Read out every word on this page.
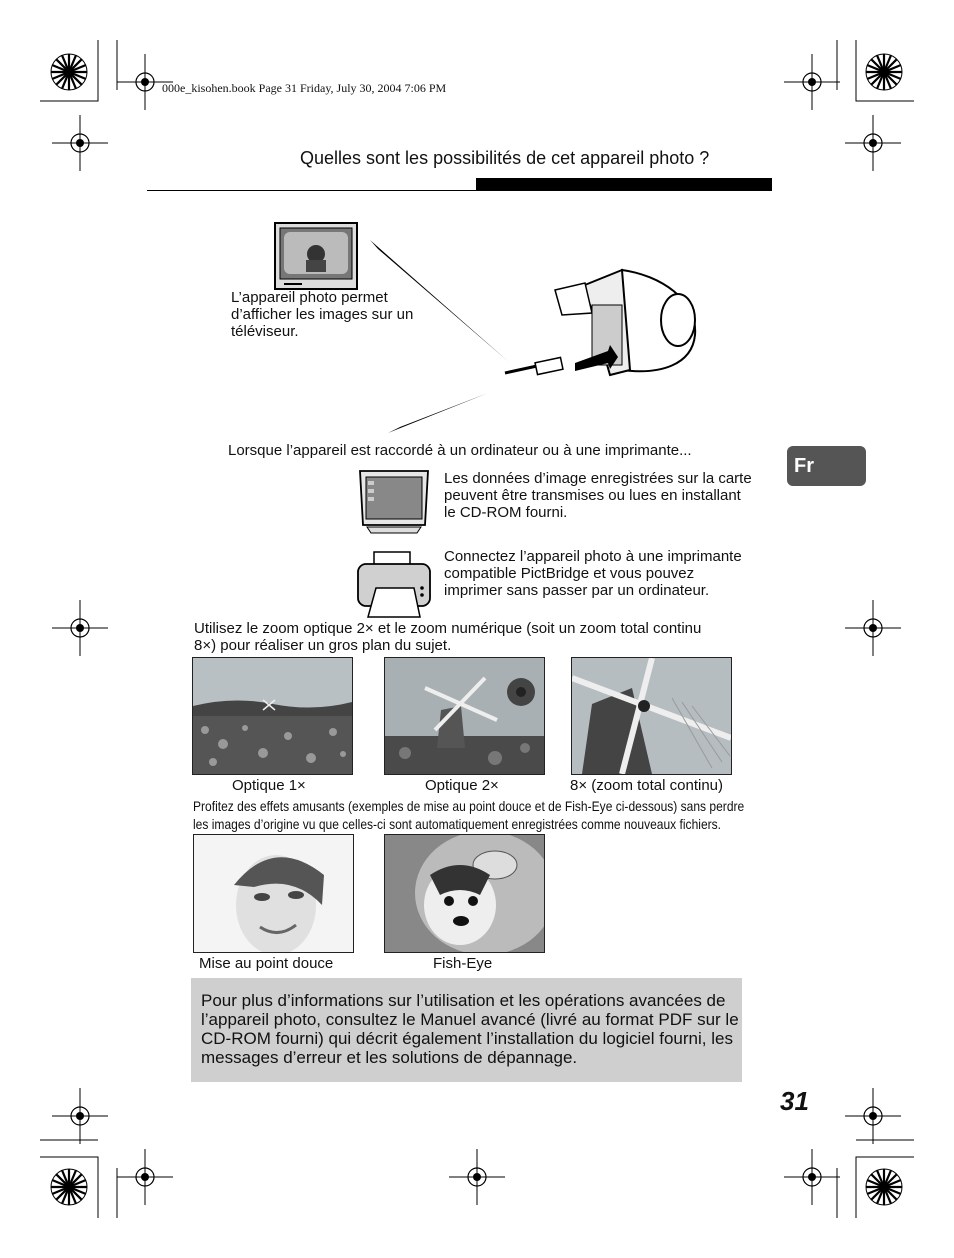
000e_kisohen.book Page 31 Friday, July 30, 2004 7:06 PM
Quelles sont les possibilités de cet appareil photo ?
Fr
L’appareil photo permet d’afficher les images sur un téléviseur.
Lorsque l’appareil est raccordé à un ordinateur ou à une imprimante...
Les données d’image enregistrées sur la carte peuvent être transmises ou lues en installant le CD-ROM fourni.
Connectez l’appareil photo à une imprimante compatible PictBridge et vous pouvez imprimer sans passer par un ordinateur.
Utilisez le zoom optique 2× et le zoom numérique (soit un zoom total continu 8×) pour réaliser un gros plan du sujet.
Optique 1×	Optique 2×	8× (zoom total continu)
Profitez des effets amusants (exemples de mise au point douce et de Fish-Eye ci-dessous) sans perdre
les images d’origine vu que celles-ci sont automatiquement enregistrées comme nouveaux fichiers.
Mise au point douce	Fish-Eye
Pour plus d’informations sur l’utilisation et les opérations avancées de l’appareil photo, consultez le Manuel avancé (livré au format PDF sur le CD-ROM fourni) qui décrit également l’installation du logiciel fourni, les messages d’erreur et les solutions de dépannage.
31
